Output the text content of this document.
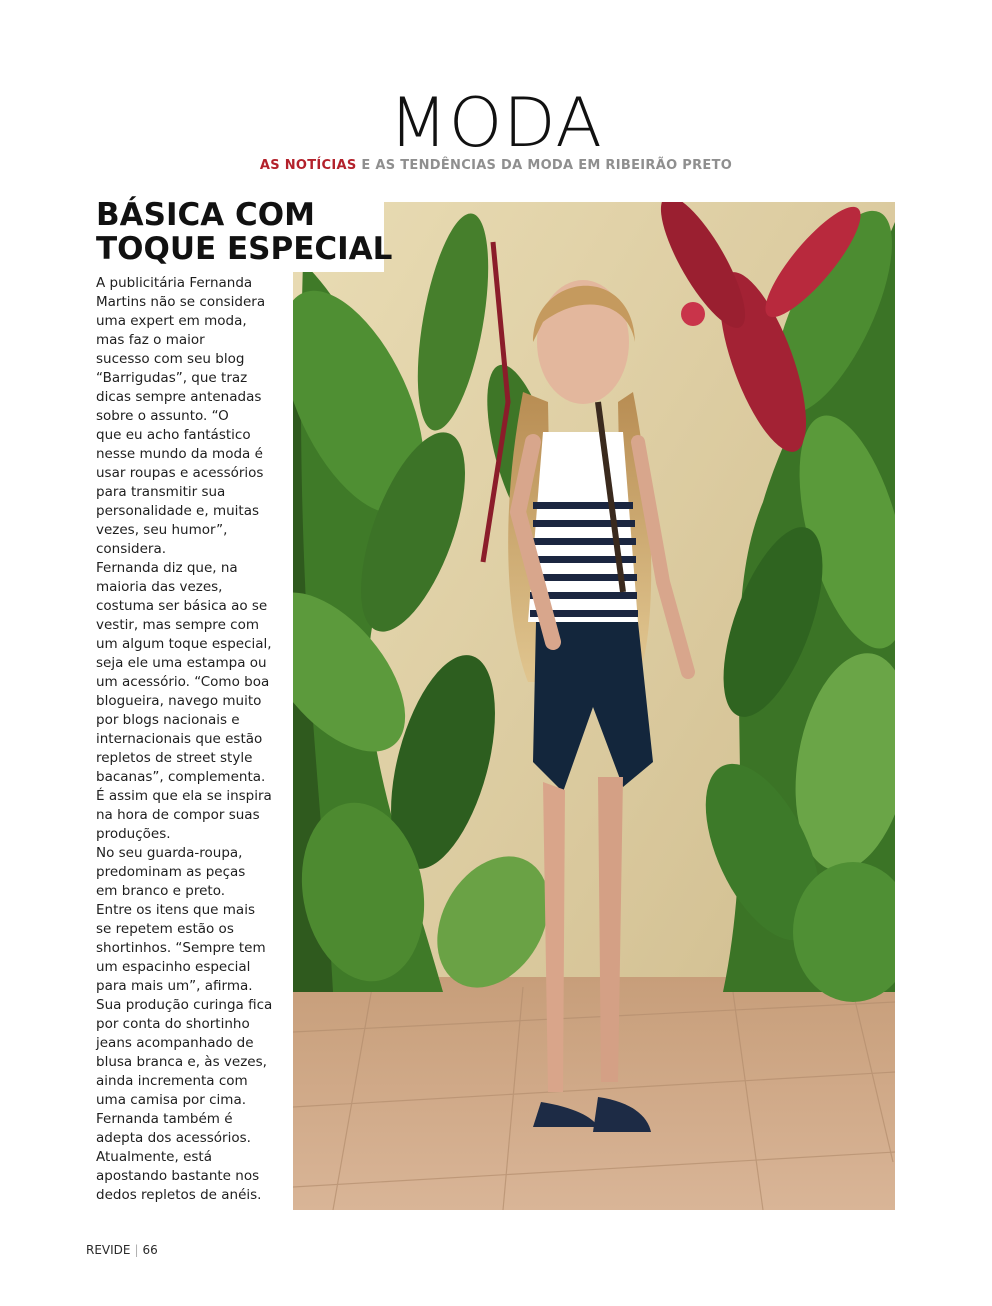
MODA
AS NOTÍCIAS E AS TENDÊNCIAS DA MODA EM RIBEIRÃO PRETO
BÁSICA COM
TOQUE ESPECIAL
A publicitária Fernanda
Martins não se considera
uma expert em moda,
mas faz o maior
sucesso com seu blog
“Barrigudas”, que traz
dicas sempre antenadas
sobre o assunto. “O
que eu acho fantástico
nesse mundo da moda é
usar roupas e acessórios
para transmitir sua
personalidade e, muitas
vezes, seu humor”,
considera.
Fernanda diz que, na
maioria das vezes,
costuma ser básica ao se
vestir, mas sempre com
um algum toque especial,
seja ele uma estampa ou
um acessório. “Como boa
blogueira, navego muito
por blogs nacionais e
internacionais que estão
repletos de street style
bacanas”, complementa.
É assim que ela se inspira
na hora de compor suas
produções.
No seu guarda-roupa,
predominam as peças
em branco e preto.
Entre os itens que mais
se repetem estão os
shortinhos. “Sempre tem
um espacinho especial
para mais um”, afirma.
Sua produção curinga fica
por conta do shortinho
jeans acompanhado de
blusa branca e, às vezes,
ainda incrementa com
uma camisa por cima.
Fernanda também é
adepta dos acessórios.
Atualmente, está
apostando bastante nos
dedos repletos de anéis.
REVIDE | 66
